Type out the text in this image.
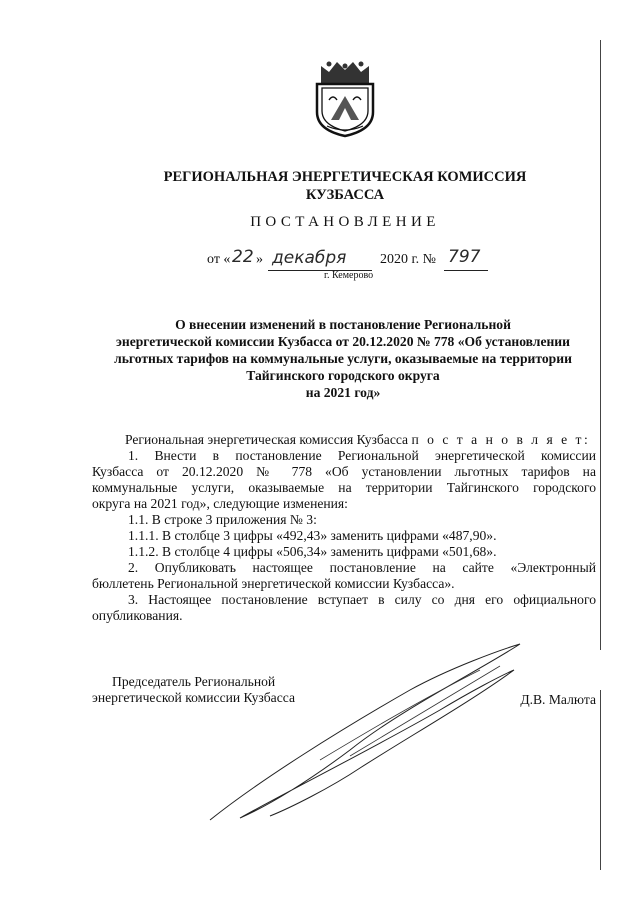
РЕГИОНАЛЬНАЯ ЭНЕРГЕТИЧЕСКАЯ КОМИССИЯ
КУЗБАССА
ПОСТАНОВЛЕНИЕ
от « 22 » декабря 2020 г. № 797
г. Кемерово
О внесении изменений в постановление Региональной
энергетической комиссии Кузбасса от 20.12.2020 № 778 «Об установлении
льготных тарифов на коммунальные услуги, оказываемые на территории
Тайгинского городского округа
на 2021 год»

Региональная энергетическая комиссия Кузбасса п о с т а н о в л я е т:

1. Внести в постановление Региональной энергетической комиссии

Кузбасса от 20.12.2020 № 778 «Об установлении льготных тарифов на

коммунальные услуги, оказываемые на территории Тайгинского городского

округа на 2021 год», следующие изменения:

1.1. В строке 3 приложения № 3:

1.1.1. В столбце 3 цифры «492,43» заменить цифрами «487,90».

1.1.2. В столбце 4 цифры «506,34» заменить цифрами «501,68».

2. Опубликовать настоящее постановление на сайте «Электронный

бюллетень Региональной энергетической комиссии Кузбасса».

3. Настоящее постановление вступает в силу со дня его официального

опубликования.

Председатель Региональной
энергетической комиссии Кузбасса	Д.В. Малюта
